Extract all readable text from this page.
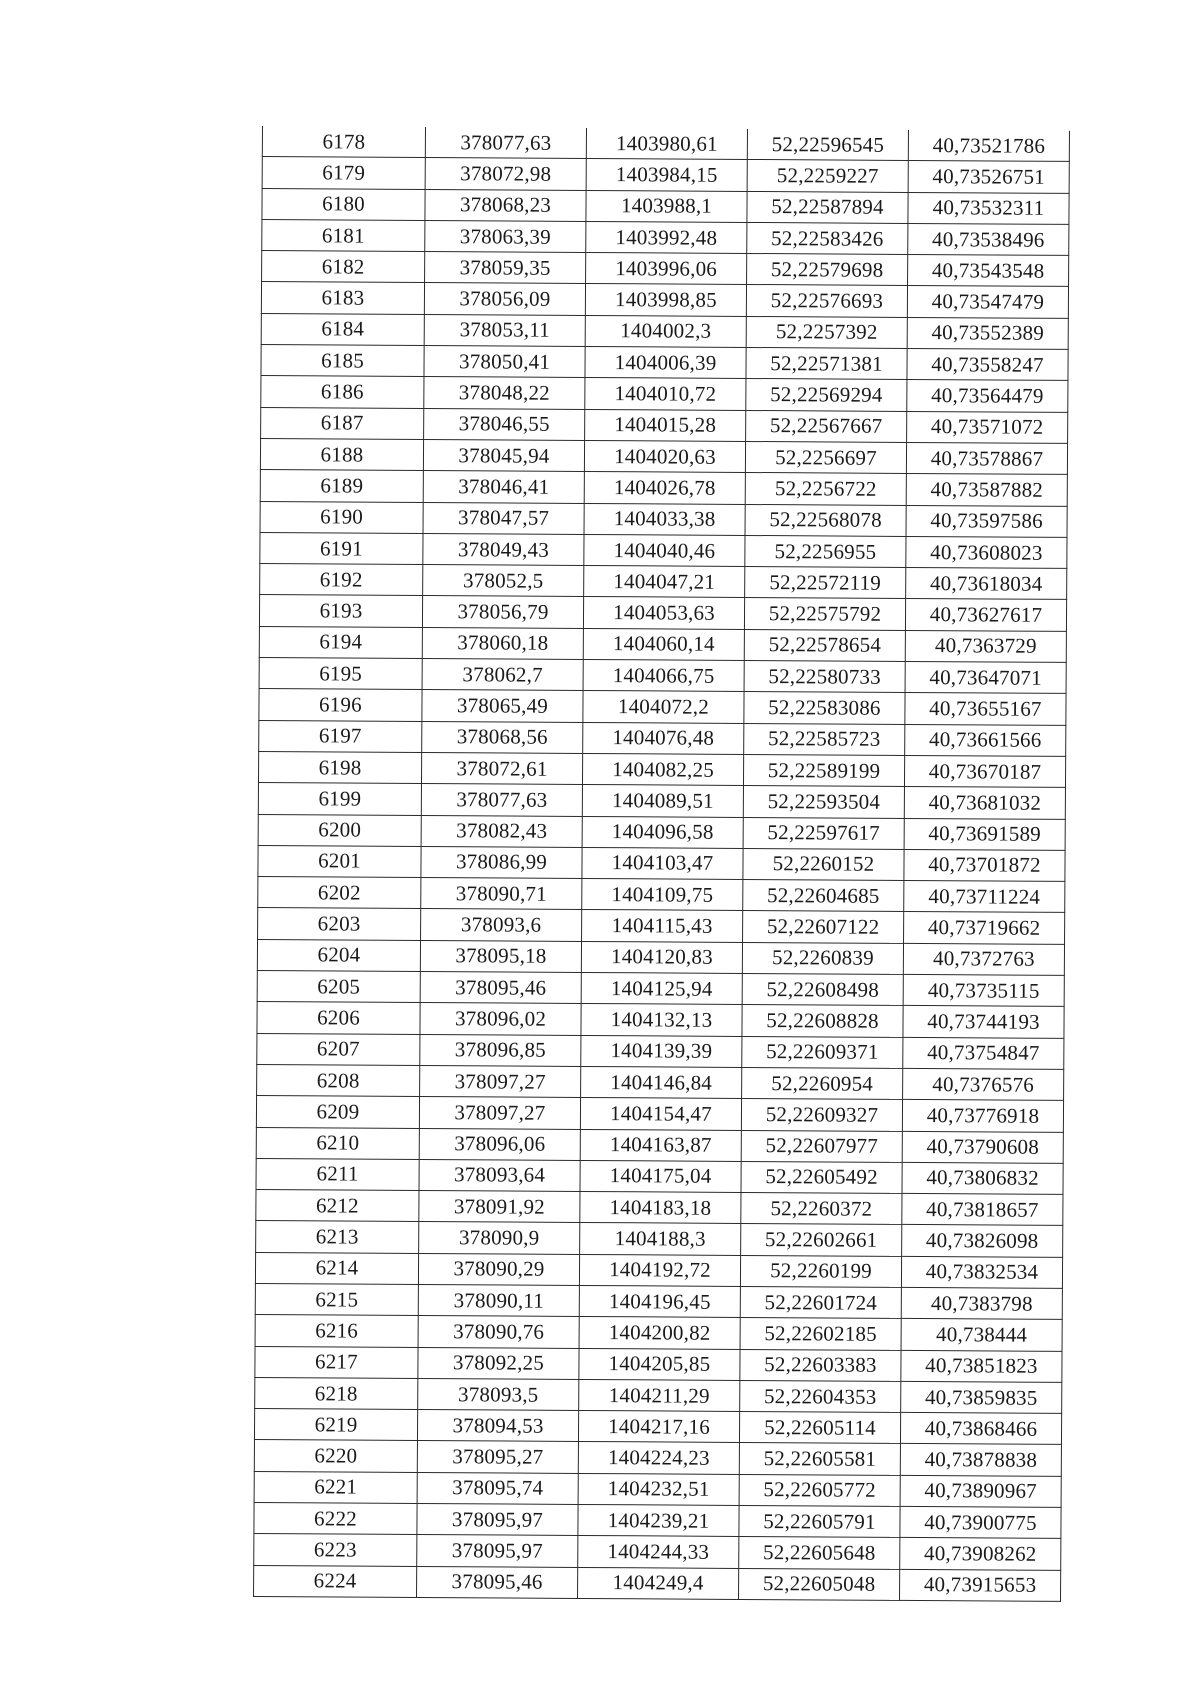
6178	378077,63	1403980,61	52,22596545	40,73521786
6179	378072,98	1403984,15	52,2259227	40,73526751
6180	378068,23	1403988,1	52,22587894	40,73532311
6181	378063,39	1403992,48	52,22583426	40,73538496
6182	378059,35	1403996,06	52,22579698	40,73543548
6183	378056,09	1403998,85	52,22576693	40,73547479
6184	378053,11	1404002,3	52,2257392	40,73552389
6185	378050,41	1404006,39	52,22571381	40,73558247
6186	378048,22	1404010,72	52,22569294	40,73564479
6187	378046,55	1404015,28	52,22567667	40,73571072
6188	378045,94	1404020,63	52,2256697	40,73578867
6189	378046,41	1404026,78	52,2256722	40,73587882
6190	378047,57	1404033,38	52,22568078	40,73597586
6191	378049,43	1404040,46	52,2256955	40,73608023
6192	378052,5	1404047,21	52,22572119	40,73618034
6193	378056,79	1404053,63	52,22575792	40,73627617
6194	378060,18	1404060,14	52,22578654	40,7363729
6195	378062,7	1404066,75	52,22580733	40,73647071
6196	378065,49	1404072,2	52,22583086	40,73655167
6197	378068,56	1404076,48	52,22585723	40,73661566
6198	378072,61	1404082,25	52,22589199	40,73670187
6199	378077,63	1404089,51	52,22593504	40,73681032
6200	378082,43	1404096,58	52,22597617	40,73691589
6201	378086,99	1404103,47	52,2260152	40,73701872
6202	378090,71	1404109,75	52,22604685	40,73711224
6203	378093,6	1404115,43	52,22607122	40,73719662
6204	378095,18	1404120,83	52,2260839	40,7372763
6205	378095,46	1404125,94	52,22608498	40,73735115
6206	378096,02	1404132,13	52,22608828	40,73744193
6207	378096,85	1404139,39	52,22609371	40,73754847
6208	378097,27	1404146,84	52,2260954	40,7376576
6209	378097,27	1404154,47	52,22609327	40,73776918
6210	378096,06	1404163,87	52,22607977	40,73790608
6211	378093,64	1404175,04	52,22605492	40,73806832
6212	378091,92	1404183,18	52,2260372	40,73818657
6213	378090,9	1404188,3	52,22602661	40,73826098
6214	378090,29	1404192,72	52,2260199	40,73832534
6215	378090,11	1404196,45	52,22601724	40,7383798
6216	378090,76	1404200,82	52,22602185	40,738444
6217	378092,25	1404205,85	52,22603383	40,73851823
6218	378093,5	1404211,29	52,22604353	40,73859835
6219	378094,53	1404217,16	52,22605114	40,73868466
6220	378095,27	1404224,23	52,22605581	40,73878838
6221	378095,74	1404232,51	52,22605772	40,73890967
6222	378095,97	1404239,21	52,22605791	40,73900775
6223	378095,97	1404244,33	52,22605648	40,73908262
6224	378095,46	1404249,4	52,22605048	40,73915653
